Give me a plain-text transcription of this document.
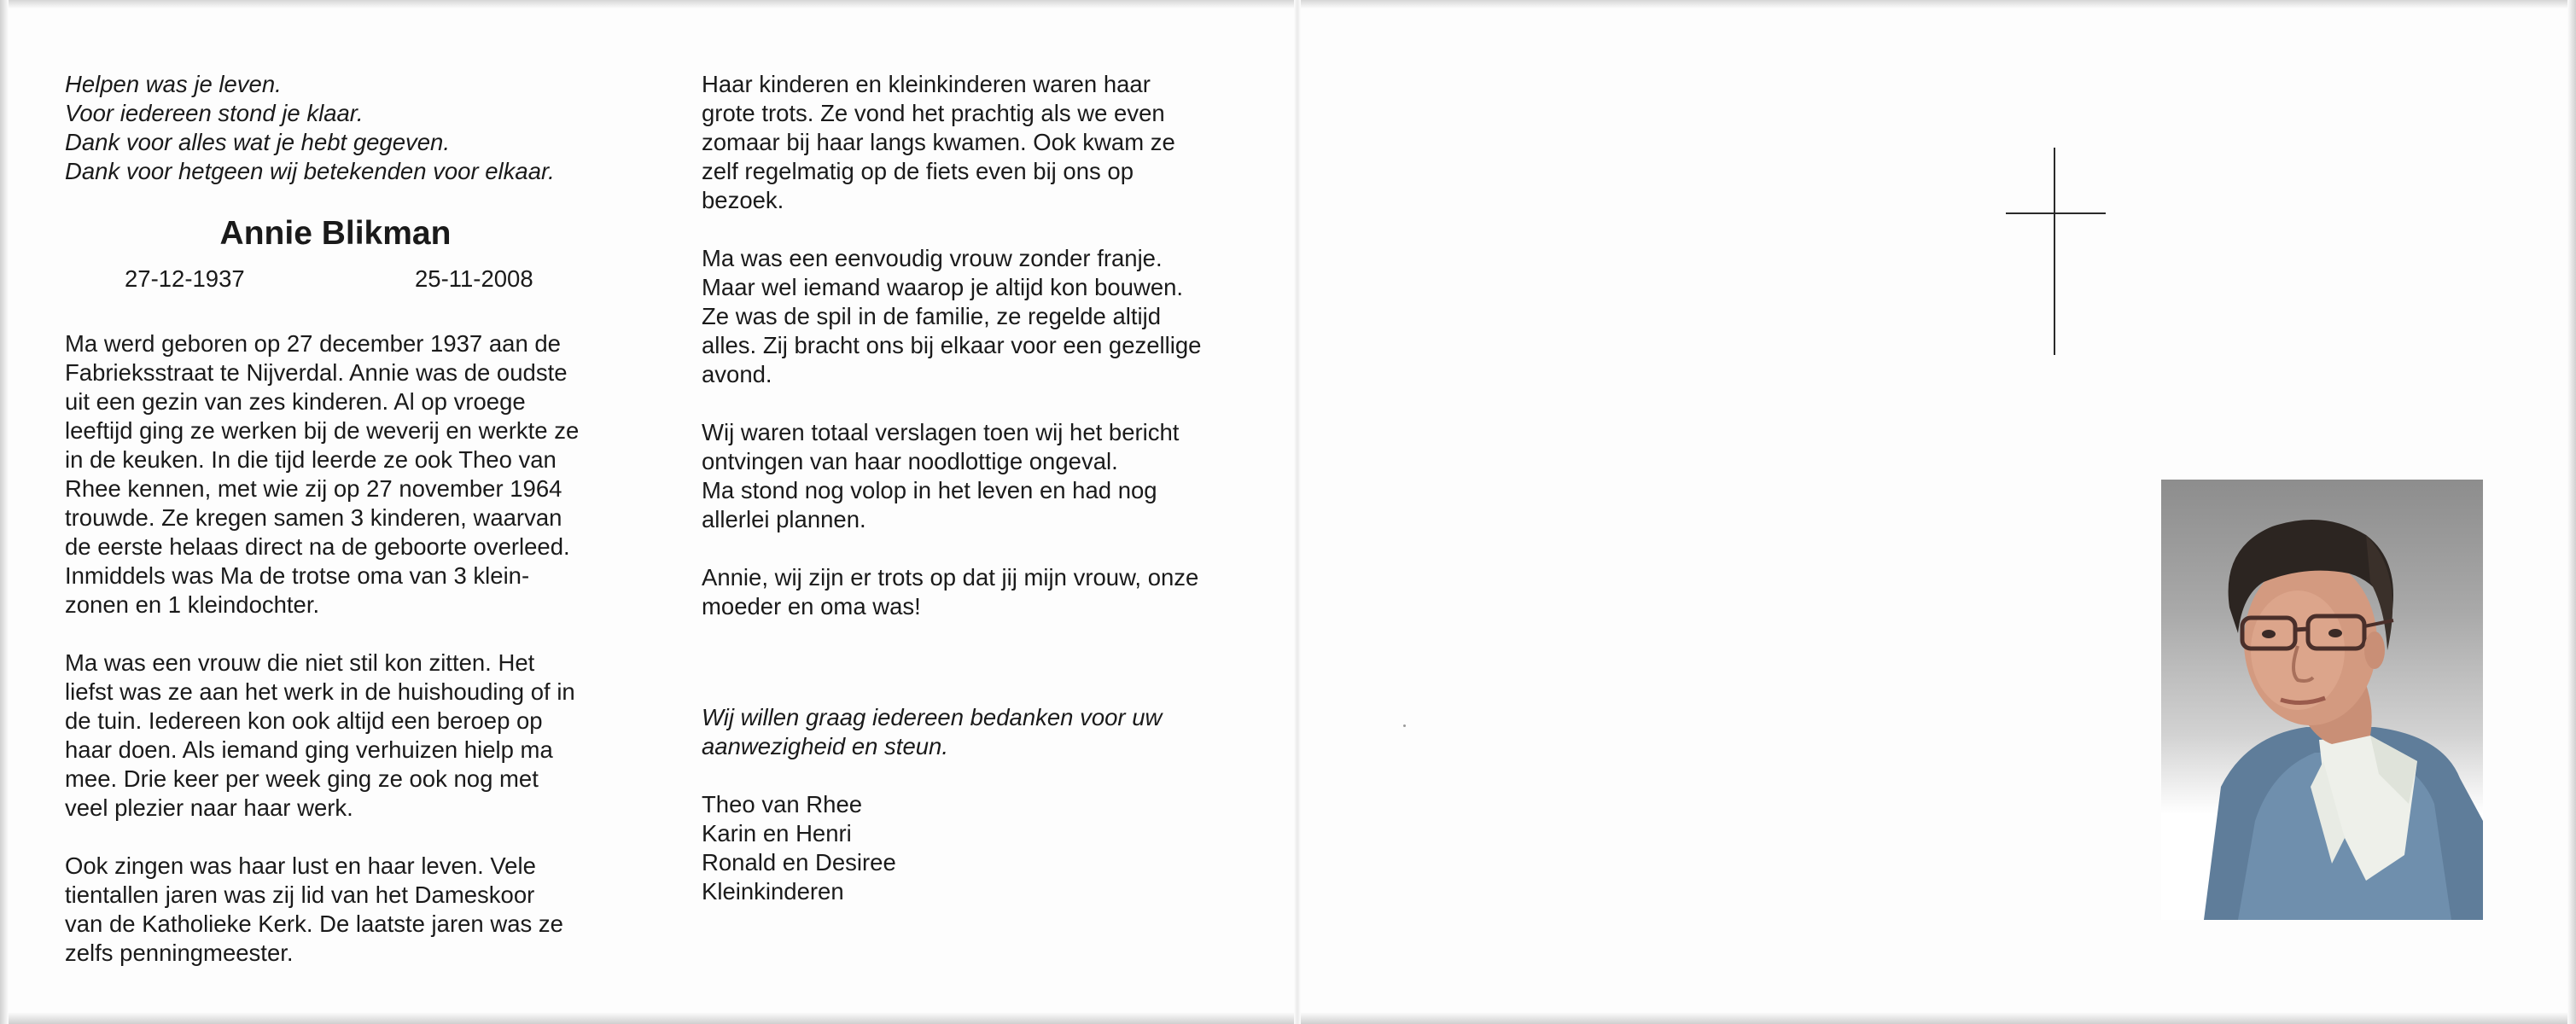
Helpen was je leven.
Voor iedereen stond je klaar.
Dank voor alles wat je hebt gegeven.
Dank voor hetgeen wij betekenden voor elkaar.

Annie Blikman
27-12-1937	25-11-2008

Ma werd geboren op 27 december 1937 aan de
Fabrieksstraat te Nijverdal. Annie was de oudste
uit een gezin van zes kinderen. Al op vroege
leeftijd ging ze werken bij de weverij en werkte ze
in de keuken. In die tijd leerde ze ook Theo van
Rhee kennen, met wie zij op 27 november 1964
trouwde. Ze kregen samen 3 kinderen, waarvan
de eerste helaas direct na de geboorte overleed.
Inmiddels was Ma de trotse oma van 3 klein-
zonen en 1 kleindochter.

Ma was een vrouw die niet stil kon zitten. Het
liefst was ze aan het werk in de huishouding of in
de tuin. Iedereen kon ook altijd een beroep op
haar doen. Als iemand ging verhuizen hielp ma
mee. Drie keer per week ging ze ook nog met
veel plezier naar haar werk.

Ook zingen was haar lust en haar leven. Vele
tientallen jaren was zij lid van het Dameskoor
van de Katholieke Kerk. De laatste jaren was ze
zelfs penningmeester.

Haar kinderen en kleinkinderen waren haar
grote trots. Ze vond het prachtig als we even
zomaar bij haar langs kwamen. Ook kwam ze
zelf regelmatig op de fiets even bij ons op
bezoek.

Ma was een eenvoudig vrouw zonder franje.
Maar wel iemand waarop je altijd kon bouwen.
Ze was de spil in de familie, ze regelde altijd
alles. Zij bracht ons bij elkaar voor een gezellige
avond.

Wij waren totaal verslagen toen wij het bericht
ontvingen van haar noodlottige ongeval.
Ma stond nog volop in het leven en had nog
allerlei plannen.

Annie, wij zijn er trots op dat jij mijn vrouw, onze
moeder en oma was!

Wij willen graag iedereen bedanken voor uw
aanwezigheid en steun.

Theo van Rhee
Karin en Henri
Ronald en Desiree
Kleinkinderen
